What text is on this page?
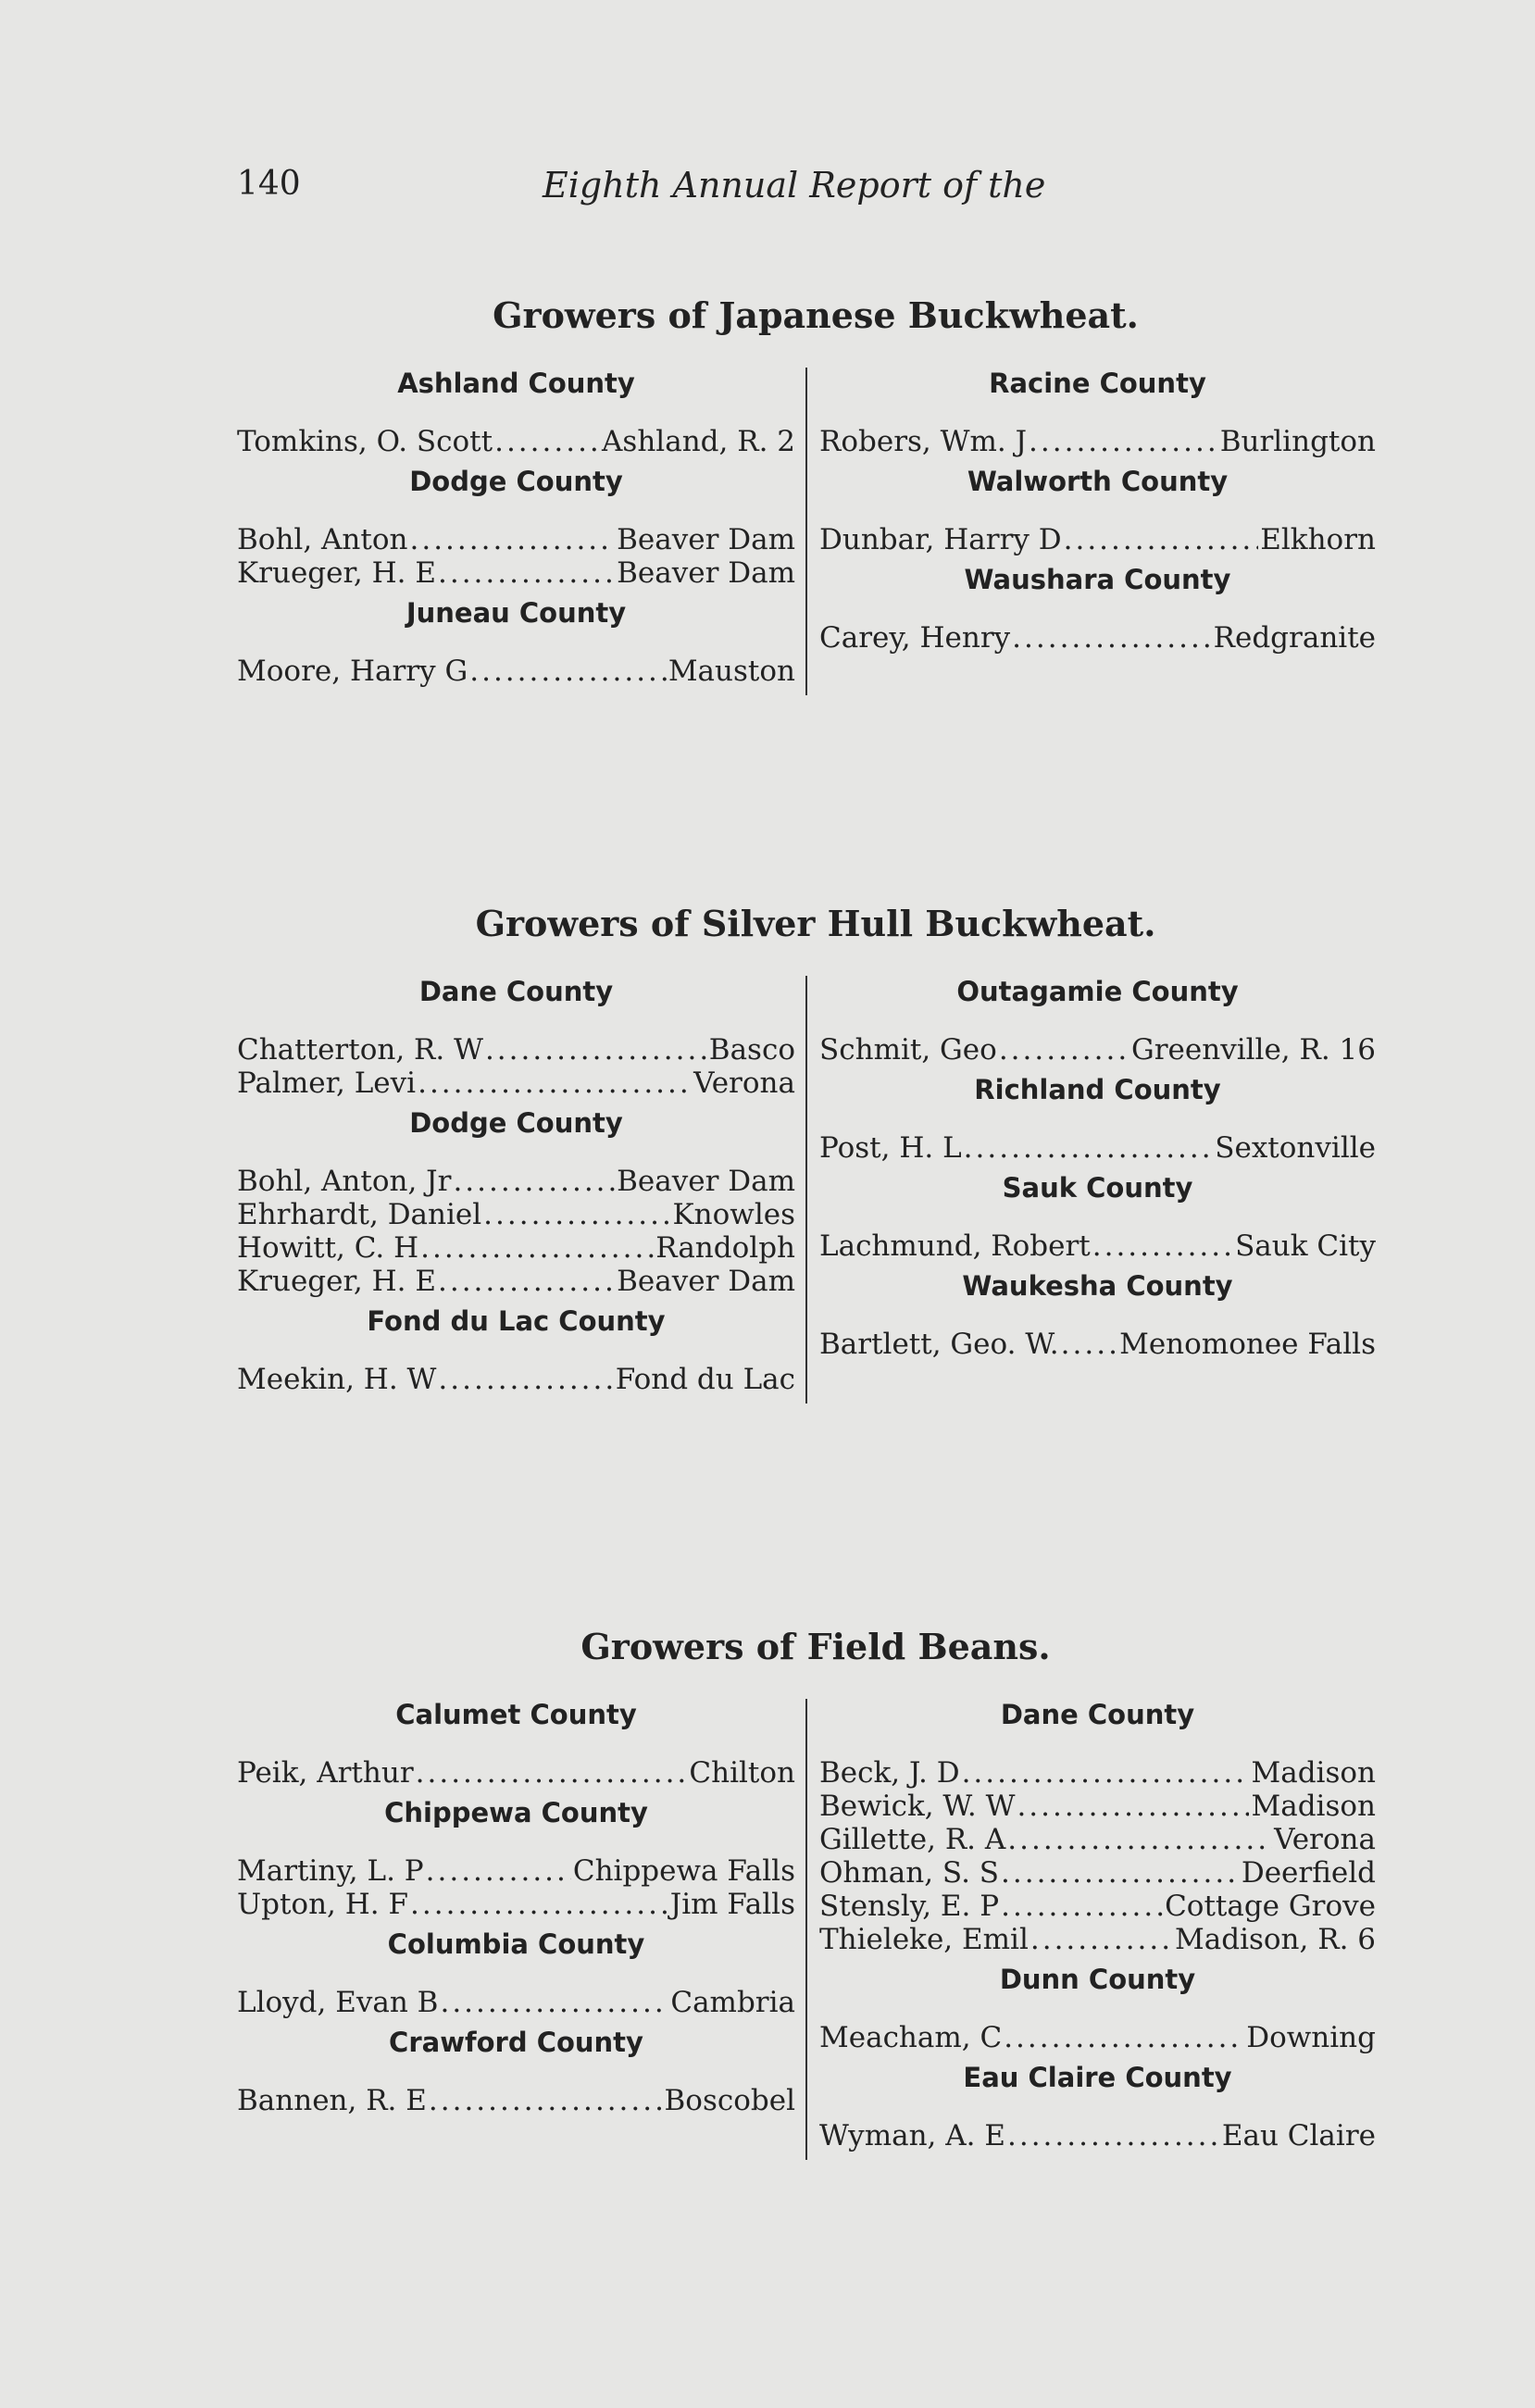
140	Eighth Annual Report of the
Growers of Japanese Buckwheat.
Ashland County
Tomkins, O. Scott .....	Ashland, R. 2
Dodge County
Bohl, Anton .....	Beaver Dam
Krueger, H. E .....	Beaver Dam
Juneau County
Moore, Harry G .....	Mauston
Racine County
Robers, Wm. J .....	Burlington
Walworth County
Dunbar, Harry D .....	Elkhorn
Waushara County
Carey, Henry .....	Redgranite
Growers of Silver Hull Buckwheat.
Dane County
Chatterton, R. W .....	Basco
Palmer, Levi .....	Verona
Dodge County
Bohl, Anton, Jr .....	Beaver Dam
Ehrhardt, Daniel .....	Knowles
Howitt, C. H .....	Randolph
Krueger, H. E .....	Beaver Dam
Fond du Lac County
Meekin, H. W .....	Fond du Lac
Outagamie County
Schmit, Geo .....	Greenville, R. 16
Richland County
Post, H. L .....	Sextonville
Sauk County
Lachmund, Robert .....	Sauk City
Waukesha County
Bartlett, Geo. W. ..... Menomonee Falls
Growers of Field Beans.
Calumet County
Peik, Arthur .....	Chilton
Chippewa County
Martiny, L. P .....	Chippewa Falls
Upton, H. F .....	Jim Falls
Columbia County
Lloyd, Evan B .....	Cambria
Crawford County
Bannen, R. E .....	Boscobel
Dane County
Beck, J. D .....	Madison
Bewick, W. W .....	Madison
Gillette, R. A .....	Verona
Ohman, S. S .....	Deerfield
Stensly, E. P .....	Cottage Grove
Thieleke, Emil .....	Madison, R. 6
Dunn County
Meacham, C .....	Downing
Eau Claire County
Wyman, A. E .....	Eau Claire
